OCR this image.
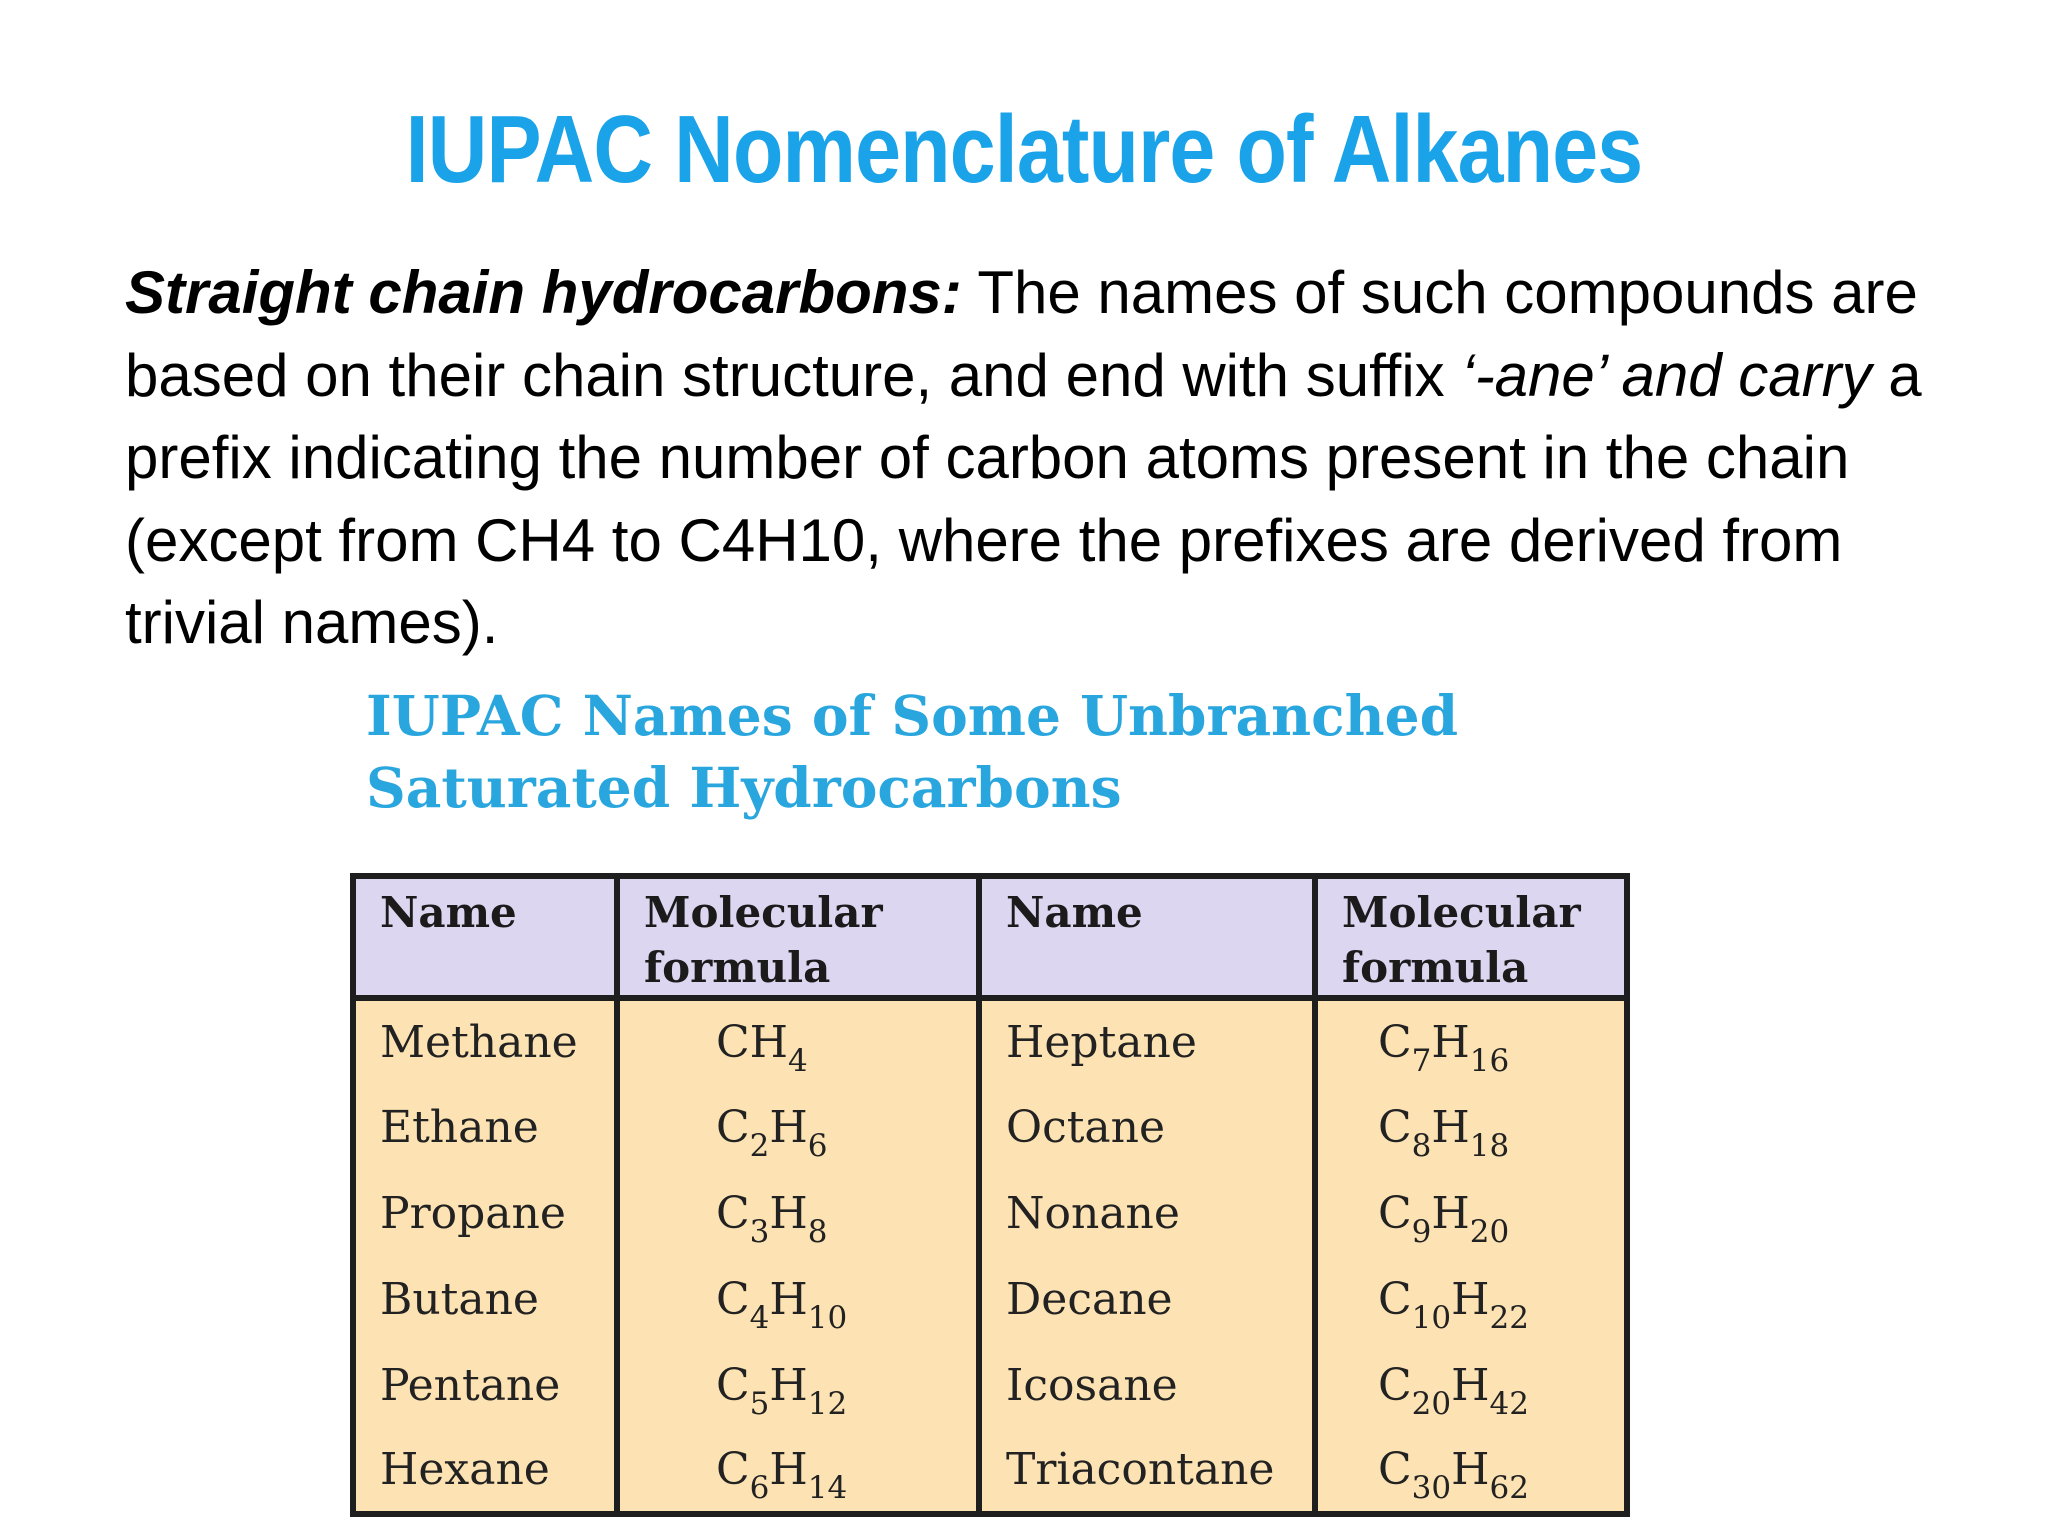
IUPAC Nomenclature of Alkanes

Straight chain hydrocarbons: The names of such compounds are based on their chain structure, and end with suffix ‘-ane’ and carry a prefix indicating the number of carbon atoms present in the chain (except from CH4 to C4H10, where the prefixes are derived from trivial names).

IUPAC Names of Some Unbranched
Saturated Hydrocarbons
Name	Molecular formula	Name	Molecular formula
Methane	$CH_4$	Heptane	$C_7H_{16}$
Ethane	$C_2H_6$	Octane	$C_8H_{18}$
Propane	$C_3H_8$	Nonane	$C_9H_{20}$
Butane	$C_4H_{10}$	Decane	$C_{10}H_{22}$
Pentane	$C_5H_{12}$	Icosane	$C_{20}H_{42}$
Hexane	$C_6H_{14}$	Triacontane	$C_{30}H_{62}$
